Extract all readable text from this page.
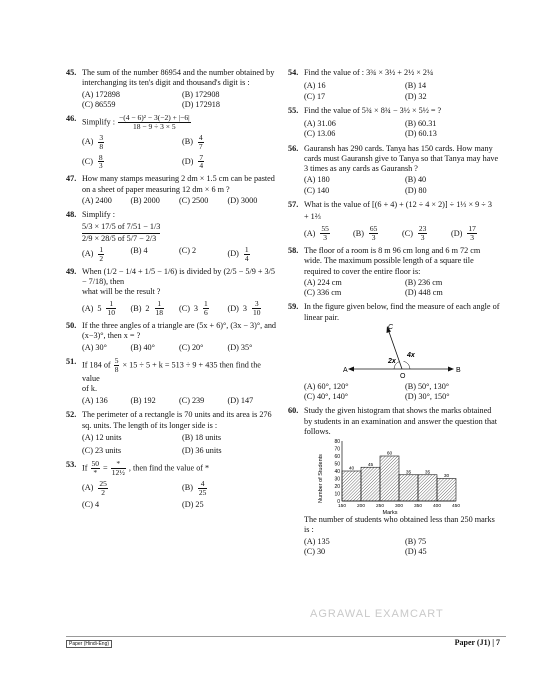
45. The sum of the number 86954 and the number obtained by interchanging its ten's digit and thousand's digit is :
(A) 172898	(B) 172908
(C) 86559	(D) 172918
46. Simplify : $\frac{\text{−(4 − 6)² − 3(−2) + |−6|}}{18 - 9 \div 3 \times 5}$
$(A) \frac{3}{8}$	$(B) \frac{4}{7}$
$(C) \frac{8}{3}$	$(D) \frac{7}{4}$
47. How many stamps measuring 2 dm × 1.5 cm can be pasted on a sheet of paper measuring 12 dm × 6 m ?
(A) 2400	(B) 2000	(C) 2500	(D) 3000
48. Simplify :
5/3 × 17/5 of 7/51 − 1/3
2/9 × 28/5 of 5/7 − 2/3
$(A) \frac{1}{2}$	(B) 4	(C) 2	$(D) \frac{1}{4}$
49. When (1/2 − 1/4 + 1/5 − 1/6) is divided by (2/5 − 5/9 + 3/5 − 7/18), then
what will be the result ?
(A) $5 \frac{1}{10} (B)$ $2 \frac{1}{18} (C)$ $3 \frac{1}{6} (D)$ $3 \frac{3}{10}$
50. If the three angles of a triangle are (5x + 6)°, (3x − 3)°, and (x−3)°, then x = ?
(A) 30°	(B) 40°	(C) 20°	(D) 35°
51. If 184 of $\frac{5}{8} \times 15 \div 5 + k = 513 \div 9 + 435$ then find the value
of k.
(A) 136	(B) 192	(C) 239	(D) 147
52. The perimeter of a rectangle is 70 units and its area is 276 sq. units. The length of its longer side is :
(A) 12 units	(B) 18 units
(C) 23 units	(D) 36 units
53. If $\frac{50}{*} = \frac{*}{\text{12½}}$ , then find the value of *
$(A) \frac{25}{2}$	$(B) \frac{4}{25}$
(C) 4	(D) 25
54. Find the value of : 3¾ × 3½ + 2½ × 2¼
(A) 16	(B) 14
(C) 17	(D) 32
55. Find the value of 5¾ × 8¾ − 3½ × 5½ = ?
(A) 31.06	(B) 60.31
(C) 13.06	(D) 60.13
56. Gauransh has 290 cards. Tanya has 150 cards. How many cards must Gauransh give to Tanya so that Tanya may have 3 times as any cards as Gauransh ?
(A) 180	(B) 40
(C) 140	(D) 80
57. What is the value of [(6 + 4) + (12 ÷ 4 × 2)] ÷ 1⅓ × 9 ÷ 3
+ 1⅔
$(A) \frac{55}{3}$	$(B) \frac{65}{3}$	$(C) \frac{23}{3}$	$(D) \frac{17}{3}$
58. The floor of a room is 8 m 96 cm long and 6 m 72 cm wide. The maximum possible length of a square tile required to cover the entire floor is:
(A) 224 cm	(B) 236 cm
(C) 336 cm	(D) 448 cm
59. In the figure given below, find the measure of each angle of linear pair.
C
A	B
O
2x
4x
(A) 60°, 120°	(B) 50°, 130°
(C) 40°, 140°	(D) 30°, 150°
60. Study the given histogram that shows the marks obtained by students in an examination and answer the question that follows.
0
10
20
30
40
50
60
70
80
40
45
60
35	35
30
150 200 250 300 350 400 450
Number of Students
Marks
The number of students who obtained less than 250 marks is :
(A) 135	(B) 75
(C) 30	(D) 45
AGRAWAL EXAMCART
Paper (Hindi-Eng)	Paper (J1) | 7
